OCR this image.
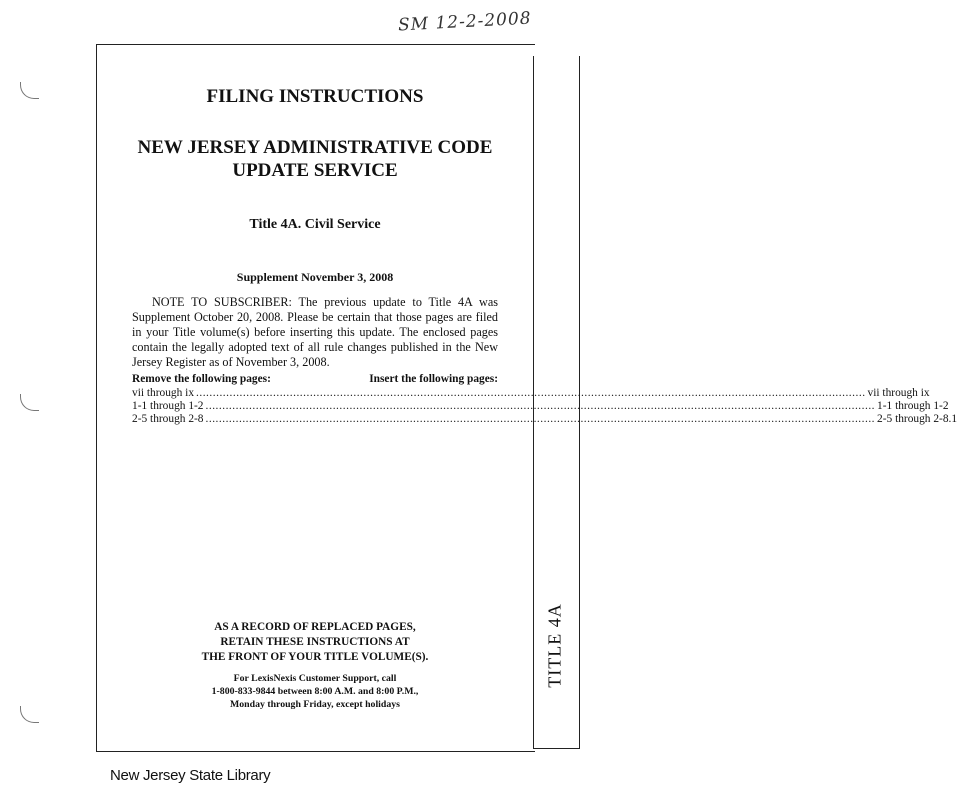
SM 12-2-2008
TITLE 4A
FILING INSTRUCTIONS
NEW JERSEY ADMINISTRATIVE CODE
UPDATE SERVICE
Title 4A. Civil Service
Supplement November 3, 2008
NOTE TO SUBSCRIBER: The previous update to Title 4A was Supplement October 20, 2008. Please be certain that those pages are filed in your Title volume(s) before inserting this update. The enclosed pages contain the legally adopted text of all rule changes published in the New Jersey Register as of November 3, 2008.
Remove the following pages:	Insert the following pages:
vii through ix ........................................................................................................................................................................................................ vii through ix
1-1 through 1-2 ........................................................................................................................................................................................................ 1-1 through 1-2
2-5 through 2-8 ........................................................................................................................................................................................................ 2-5 through 2-8.1
AS A RECORD OF REPLACED PAGES,
RETAIN THESE INSTRUCTIONS AT
THE FRONT OF YOUR TITLE VOLUME(S).
For LexisNexis Customer Support, call
1-800-833-9844 between 8:00 A.M. and 8:00 P.M.,
Monday through Friday, except holidays
New Jersey State Library
